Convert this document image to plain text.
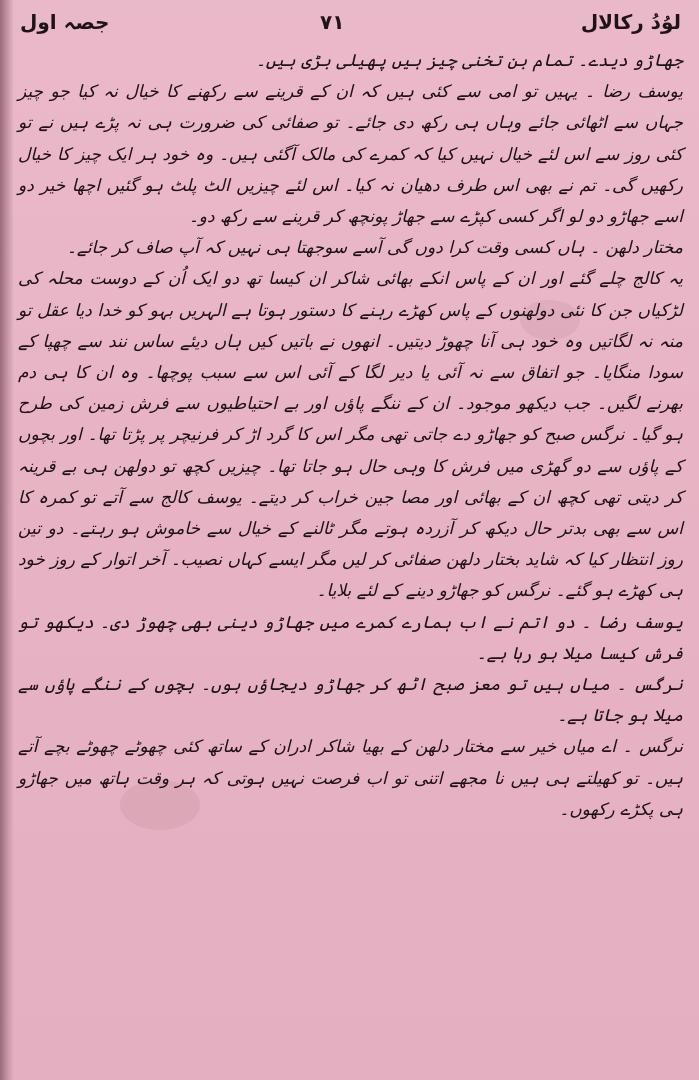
جصہ اول	۷۱	لوُدُ رکالال

جھاڑو دیدے۔ تمام بن تخنی چیز ہیں پھیلی بڑی ہیں۔

یوسف رضا ۔ یہیں تو امی سے کئی ہیں کہ ان کے قرینے سے رکھنے کا خیال نہ کیا جو چیز جہاں سے اٹھائی جائے وہاں ہی رکھ دی جائے۔ تو صفائی کی ضرورت ہی نہ پڑے ہیں نے تو کئی روز سے اس لئے خیال نہیں کیا کہ کمرے کی مالک آگئی ہیں۔ وہ خود ہر ایک چیز کا خیال رکھیں گی۔ تم نے بھی اس طرف دھیان نہ کیا۔ اس لئے چیزیں الٹ پلٹ ہو گئیں اچھا خیر دو اسے جھاڑو دو لو اگر کسی کپڑے سے جھاڑ پونچھ کر قرینے سے رکھ دو۔

مختار دلھن ۔ ہاں کسی وقت کرا دوں گی آسے سوجھتا ہی نہیں کہ آپ صاف کر جائے۔

یہ کالج چلے گئے اور ان کے پاس انکے بھائی شاکر ان کیسا تھ دو ایک اُن کے دوست محلہ کی لڑکیاں جن کا نئی دولھنوں کے پاس کھڑے رہنے کا دستور ہوتا ہے الہریں بہو کو خدا دیا عقل تو منہ نہ لگاتیں وہ خود ہی آنا چھوڑ دیتیں۔ انھوں نے باتیں کیں ہاں دیئے ساس نند سے چھپا کے سودا منگایا۔ جو اتفاق سے نہ آئی یا دیر لگا کے آئی اس سے سبب پوچھا۔ وہ ان کا ہی دم بھرنے لگیں۔ جب دیکھو موجود۔ ان کے ننگے پاؤں اور بے احتیاطیوں سے فرش زمین کی طرح ہو گیا۔ نرگس صبح کو جھاڑو دے جاتی تھی مگر اس کا گرد اڑ کر فرنیچر پر پڑتا تھا۔ اور بچوں کے پاؤں سے دو گھڑی میں فرش کا وہی حال ہو جاتا تھا۔ چیزیں کچھ تو دولھن ہی بے قرینہ کر دیتی تھی کچھ ان کے بھائی اور مصا جین خراب کر دیتے۔ یوسف کالج سے آتے تو کمرہ کا اس سے بھی بدتر حال دیکھ کر آزردہ ہوتے مگر ٹالنے کے خیال سے خاموش ہو رہتے۔ دو تین روز انتظار کیا کہ شاید بختار دلھن صفائی کر لیں مگر ایسے کہاں نصیب۔ آخر اتوار کے روز خود ہی کھڑے ہو گئے۔ نرگس کو جھاڑو دینے کے لئے بلایا۔

یوسف رضا ۔ دو اتم نے اب ہمارے کمرے میں جھاڑو دینی بھی چھوڑ دی۔ دیکھو تو فرش کیسا میلا ہو رہا ہے۔

نرگس ۔ میاں ہیں تو معز صبح اٹھ کر جھاڑو دیجاؤں ہوں۔ بچوں کے ننگے پاؤں سے میلا ہو جاتا ہے۔

نرگس ۔ اے میاں خیر سے مختار دلھن کے بھیا شاکر ادران کے ساتھ کئی چھوٹے چھوٹے بچے آتے ہیں۔ تو کھیلتے ہی ہیں نا مجھے اتنی تو اب فرصت نہیں ہوتی کہ ہر وقت ہاتھ میں جھاڑو ہی پکڑے رکھوں۔
